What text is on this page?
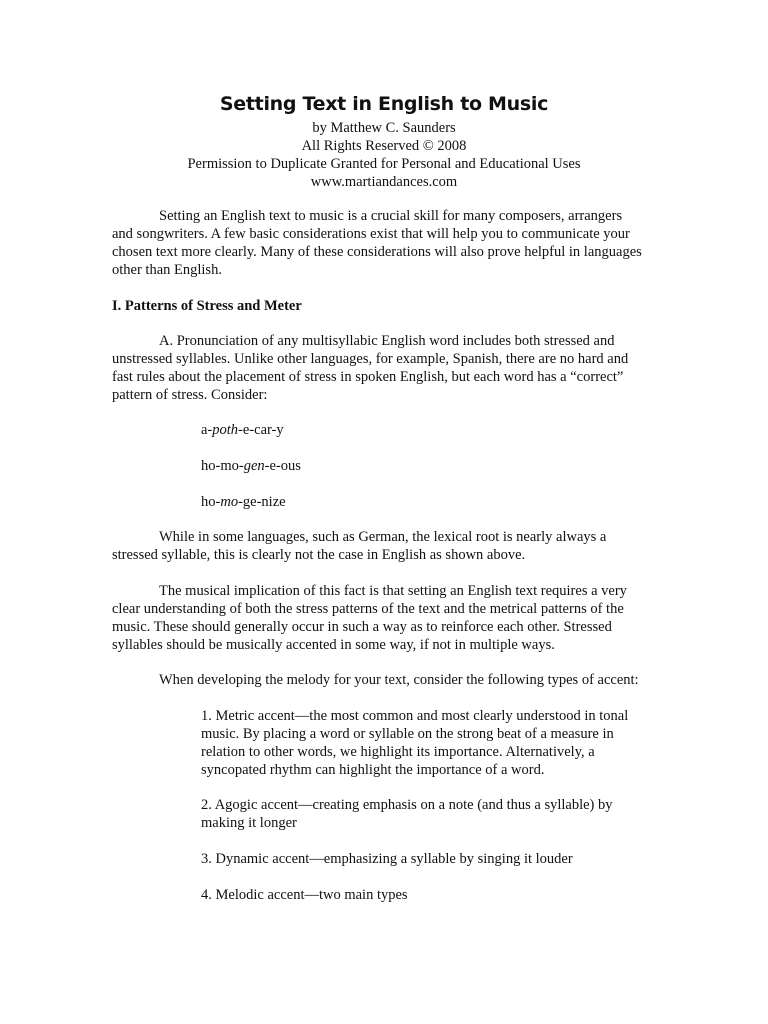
Setting Text in English to Music
by Matthew C. Saunders
All Rights Reserved © 2008
Permission to Duplicate Granted for Personal and Educational Uses
www.martiandances.com
Setting an English text to music is a crucial skill for many composers, arrangers and songwriters. A few basic considerations exist that will help you to communicate your chosen text more clearly. Many of these considerations will also prove helpful in languages other than English.
I. Patterns of Stress and Meter
A. Pronunciation of any multisyllabic English word includes both stressed and unstressed syllables. Unlike other languages, for example, Spanish, there are no hard and fast rules about the placement of stress in spoken English, but each word has a “correct” pattern of stress. Consider:
a-poth-e-car-y
ho-mo-gen-e-ous
ho-mo-ge-nize
While in some languages, such as German, the lexical root is nearly always a stressed syllable, this is clearly not the case in English as shown above.
The musical implication of this fact is that setting an English text requires a very clear understanding of both the stress patterns of the text and the metrical patterns of the music. These should generally occur in such a way as to reinforce each other. Stressed syllables should be musically accented in some way, if not in multiple ways.
When developing the melody for your text, consider the following types of accent:
1. Metric accent—the most common and most clearly understood in tonal music. By placing a word or syllable on the strong beat of a measure in relation to other words, we highlight its importance. Alternatively, a syncopated rhythm can highlight the importance of a word.
2. Agogic accent—creating emphasis on a note (and thus a syllable) by making it longer
3. Dynamic accent—emphasizing a syllable by singing it louder
4. Melodic accent—two main types
